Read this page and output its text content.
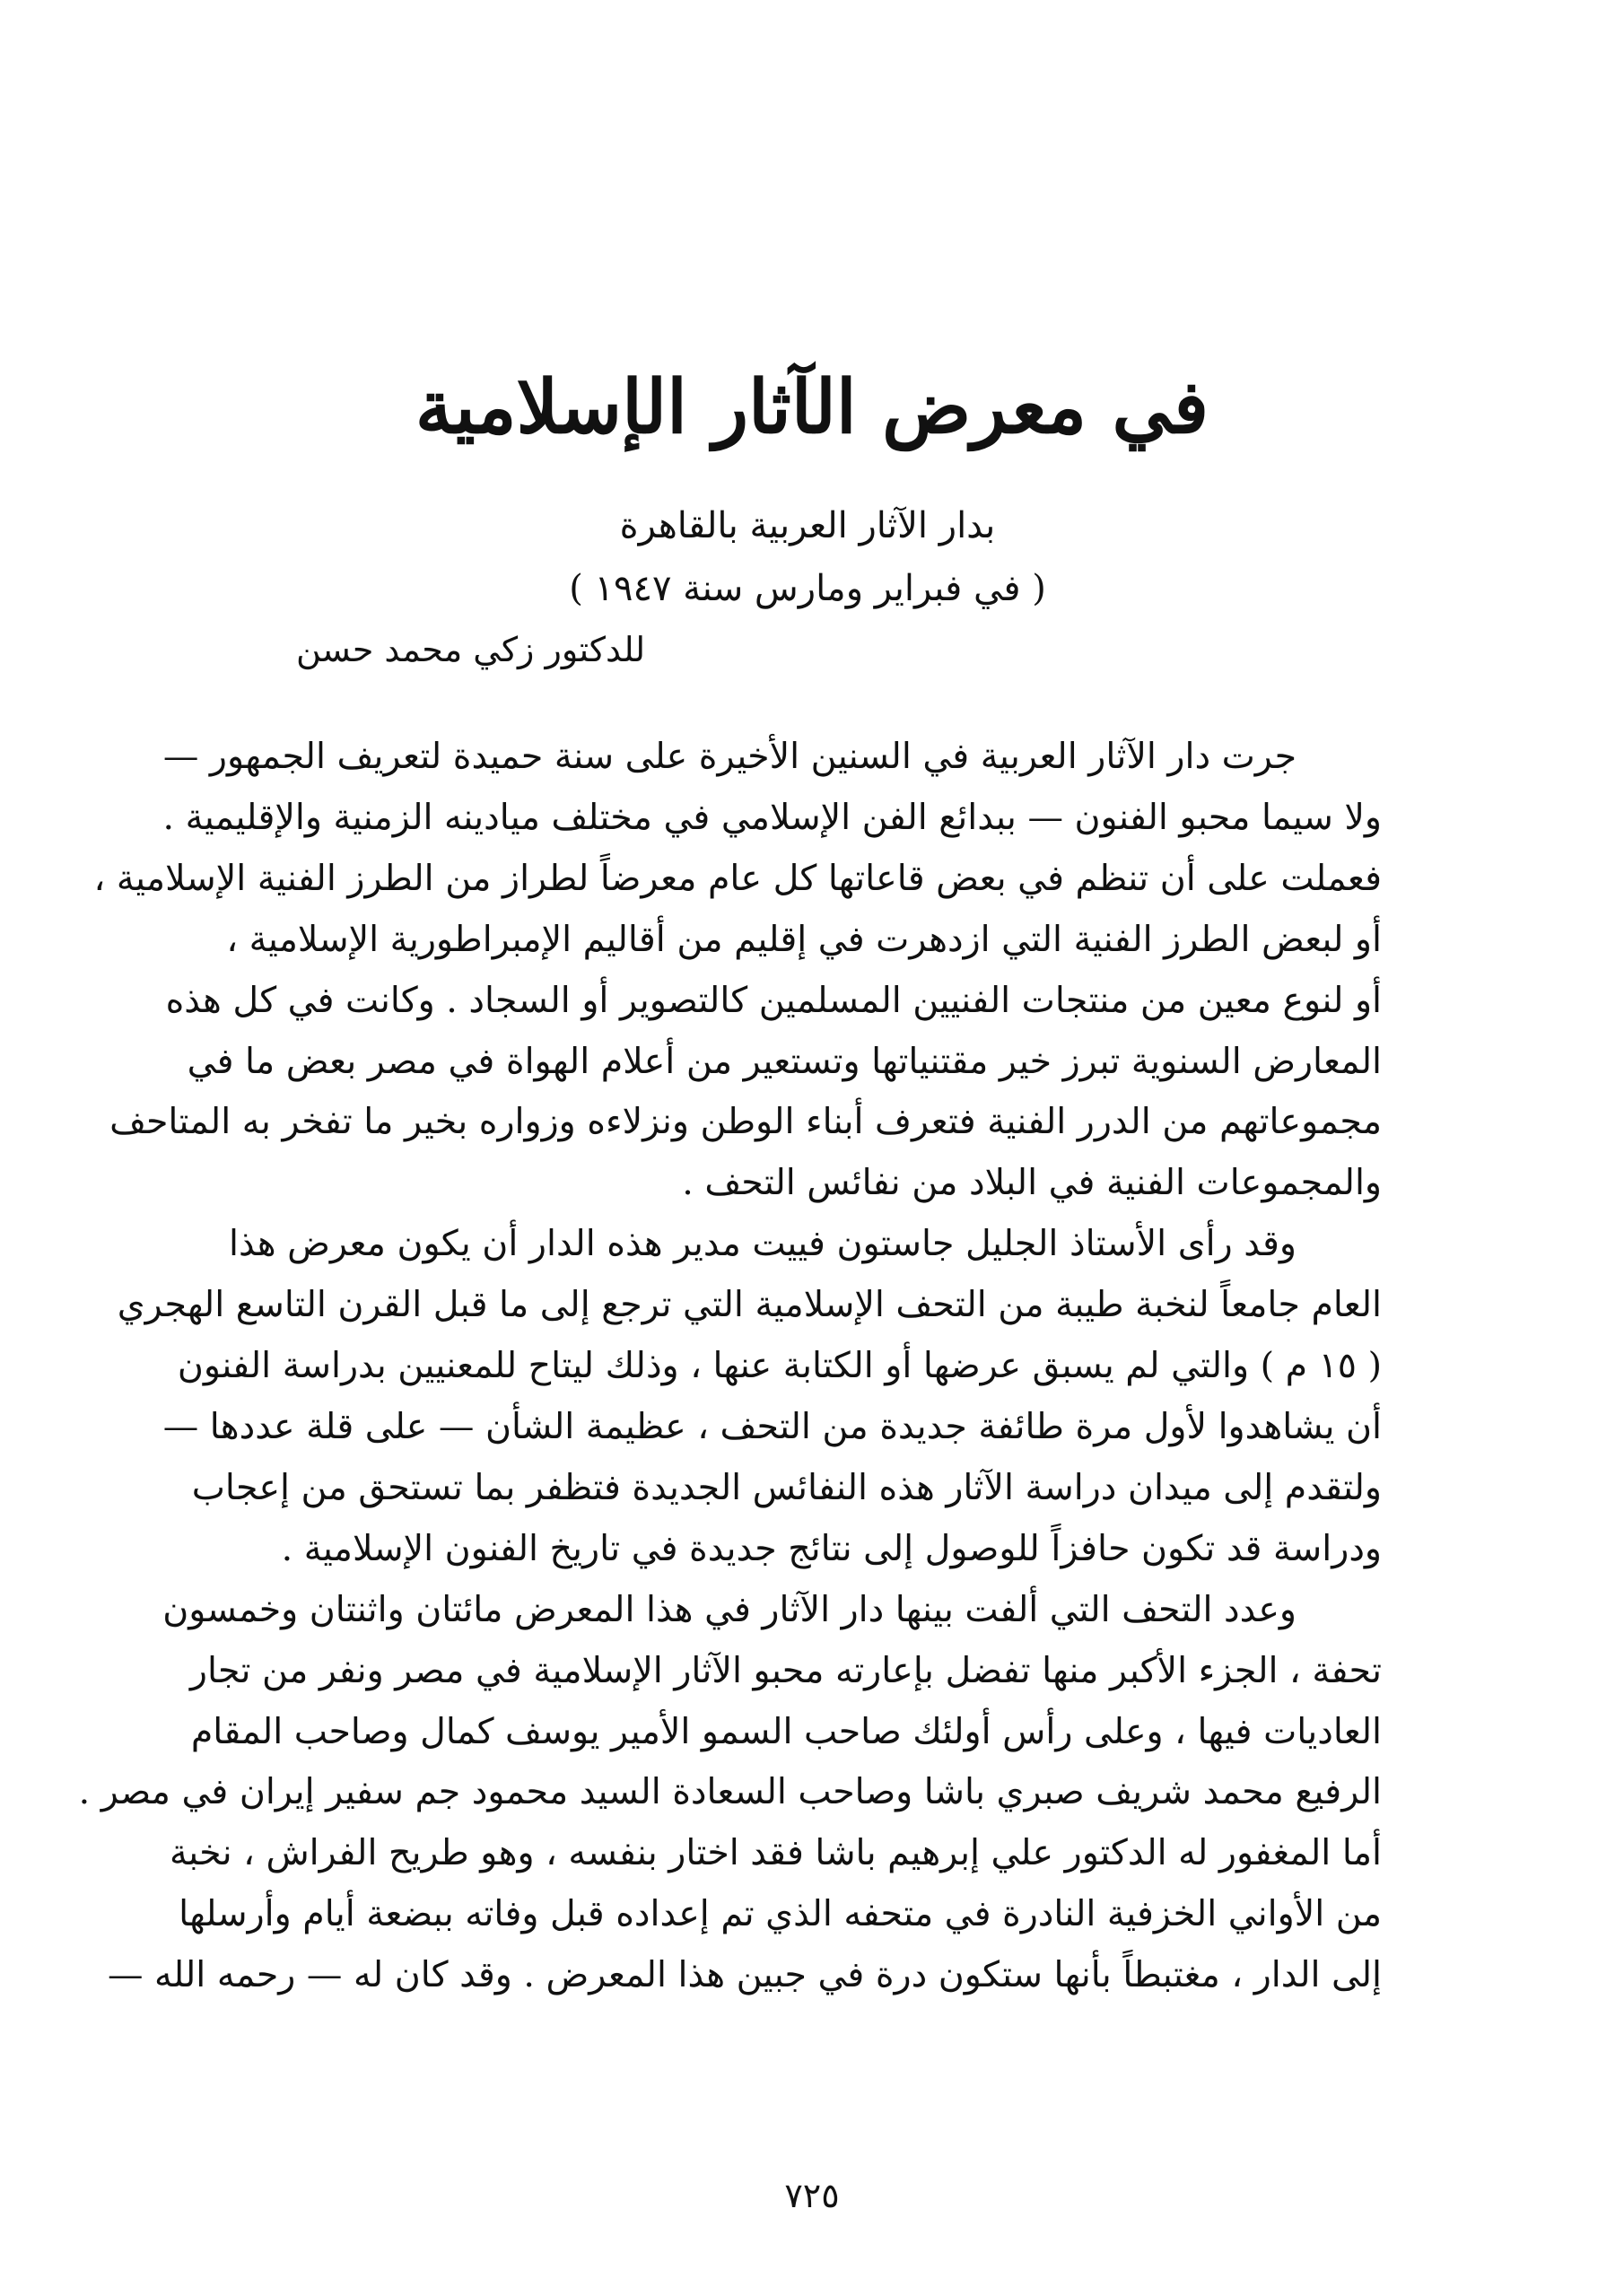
في معرض الآثار الإسلامية
بدار الآثار العربية بالقاهرة
( في فبراير ومارس سنة ١٩٤٧ )
للدكتور زكي محمد حسن
جرت دار الآثار العربية في السنين الأخيرة على سنة حميدة لتعريف الجمهور —
ولا سيما محبو الفنون — ببدائع الفن الإسلامي في مختلف ميادينه الزمنية والإقليمية .
فعملت على أن تنظم في بعض قاعاتها كل عام معرضاً لطراز من الطرز الفنية الإسلامية ،
أو لبعض الطرز الفنية التي ازدهرت في إقليم من أقاليم الإمبراطورية الإسلامية ،
أو لنوع معين من منتجات الفنيين المسلمين كالتصوير أو السجاد . وكانت في كل هذه
المعارض السنوية تبرز خير مقتنياتها وتستعير من أعلام الهواة في مصر بعض ما في
مجموعاتهم من الدرر الفنية فتعرف أبناء الوطن ونزلاءه وزواره بخير ما تفخر به المتاحف
والمجموعات الفنية في البلاد من نفائس التحف .
وقد رأى الأستاذ الجليل جاستون فييت مدير هذه الدار أن يكون معرض هذا
العام جامعاً لنخبة طيبة من التحف الإسلامية التي ترجع إلى ما قبل القرن التاسع الهجري
( ١٥ م ) والتي لم يسبق عرضها أو الكتابة عنها ، وذلك ليتاح للمعنيين بدراسة الفنون
أن يشاهدوا لأول مرة طائفة جديدة من التحف ، عظيمة الشأن — على قلة عددها —
ولتقدم إلى ميدان دراسة الآثار هذه النفائس الجديدة فتظفر بما تستحق من إعجاب
ودراسة قد تكون حافزاً للوصول إلى نتائج جديدة في تاريخ الفنون الإسلامية .
وعدد التحف التي ألفت بينها دار الآثار في هذا المعرض مائتان واثنتان وخمسون
تحفة ، الجزء الأكبر منها تفضل بإعارته محبو الآثار الإسلامية في مصر ونفر من تجار
العاديات فيها ، وعلى رأس أولئك صاحب السمو الأمير يوسف كمال وصاحب المقام
الرفيع محمد شريف صبري باشا وصاحب السعادة السيد محمود جم سفير إيران في مصر .
أما المغفور له الدكتور علي إبرهيم باشا فقد اختار بنفسه ، وهو طريح الفراش ، نخبة
من الأواني الخزفية النادرة في متحفه الذي تم إعداده قبل وفاته ببضعة أيام وأرسلها
إلى الدار ، مغتبطاً بأنها ستكون درة في جبين هذا المعرض . وقد كان له — رحمه الله —
٧٢٥
